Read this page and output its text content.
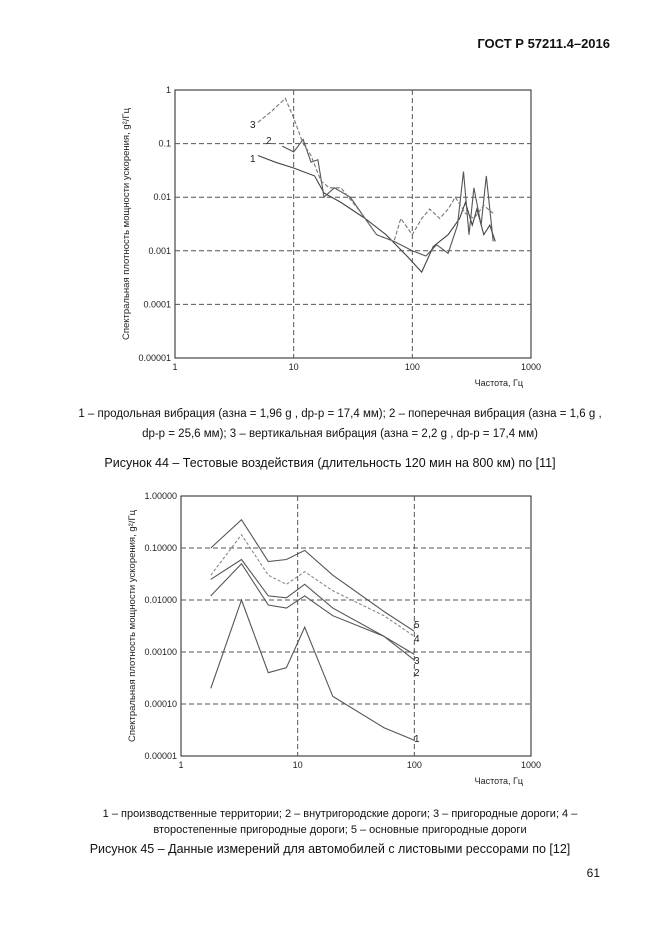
ГОСТ Р 57211.4–2016
1	10	100	1000
0.00001
0.0001
0.001
0.01
0.1
1
Частота, Гц
Спектральная плотность мощности ускорения, g²/Гц	3
2
1
1 – продольная вибрация (aзна = 1,96 g , dр-р = 17,4 мм); 2 – поперечная вибрация (aзна = 1,6 g ,
dр-р = 25,6 мм); 3 – вертикальная вибрация (aзна = 2,2 g , dр-р = 17,4 мм)
Рисунок 44 – Тестовые воздействия (длительность 120 мин на 800 км) по [11]
1	10	100	1000
0.00001
0.00010
0.00100
0.01000
0.10000
1.00000
Частота, Гц
Спектральная плотность мощности ускорения, g²/Гц	5
4
3
2
1
1 – производственные территории; 2 – внутригородские дороги; 3 – пригородные дороги; 4 –
второстепенные пригородные дороги; 5 – основные пригородные дороги
Рисунок 45 – Данные измерений для автомобилей с листовыми рессорами по [12]
61
